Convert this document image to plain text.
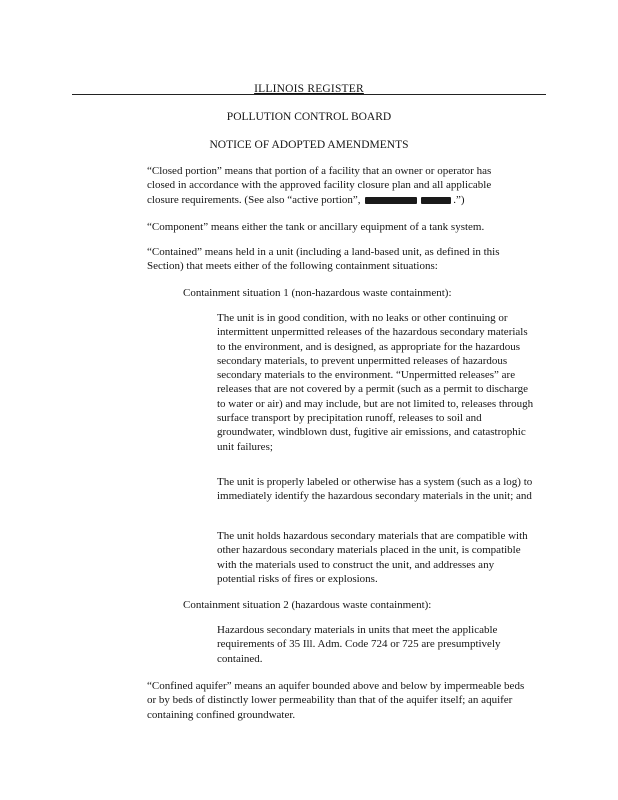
ILLINOIS REGISTER
POLLUTION CONTROL BOARD
NOTICE OF ADOPTED AMENDMENTS

“Closed portion” means that portion of a facility that an owner or operator has closed in accordance with the approved facility closure plan and all applicable closure requirements. (See also “active portion”,	.”)

“Component” means either the tank or ancillary equipment of a tank system.

“Contained” means held in a unit (including a land-based unit, as defined in this Section) that meets either of the following containment situations:

Containment situation 1 (non-hazardous waste containment):

The unit is in good condition, with no leaks or other continuing or intermittent unpermitted releases of the hazardous secondary materials to the environment, and is designed, as appropriate for the hazardous secondary materials, to prevent unpermitted releases of hazardous secondary materials to the environment. “Unpermitted releases” are releases that are not covered by a permit (such as a permit to discharge to water or air) and may include, but are not limited to, releases through surface transport by precipitation runoff, releases to soil and groundwater, windblown dust, fugitive air emissions, and catastrophic unit failures;

The unit is properly labeled or otherwise has a system (such as a log) to immediately identify the hazardous secondary materials in the unit; and

The unit holds hazardous secondary materials that are compatible with other hazardous secondary materials placed in the unit, is compatible with the materials used to construct the unit, and addresses any potential risks of fires or explosions.

Containment situation 2 (hazardous waste containment):

Hazardous secondary materials in units that meet the applicable requirements of 35 Ill. Adm. Code 724 or 725 are presumptively contained.

“Confined aquifer” means an aquifer bounded above and below by impermeable beds or by beds of distinctly lower permeability than that of the aquifer itself; an aquifer containing confined groundwater.
